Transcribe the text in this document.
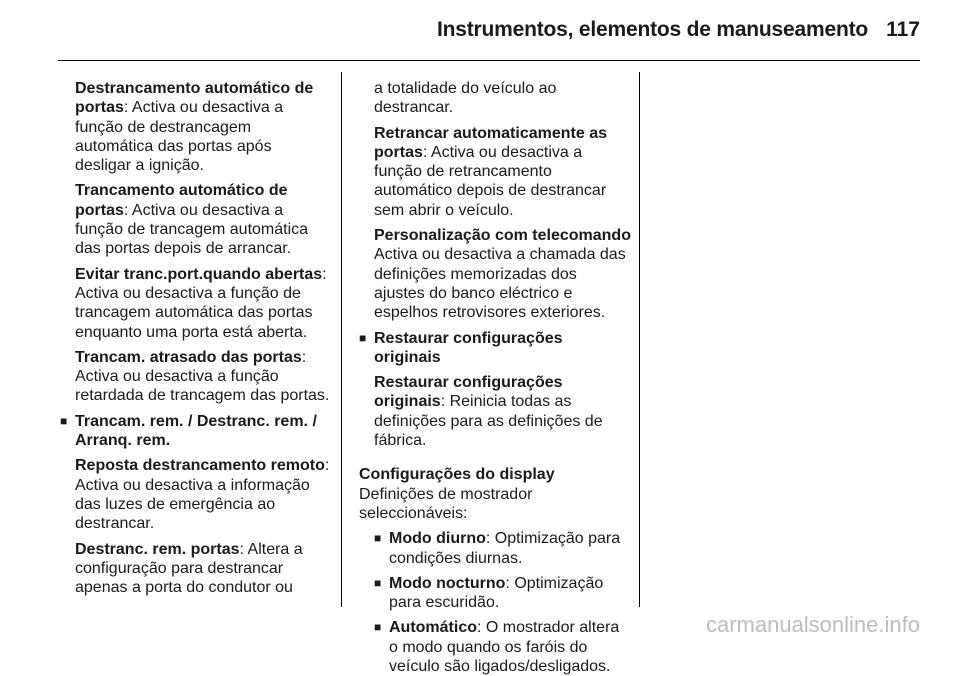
Instrumentos, elementos de manuseamento 117

Destrancamento automático de portas: Activa ou desactiva a função de destrancagem automática das portas após desligar a ignição.

Trancamento automático de portas: Activa ou desactiva a função de trancagem automática das portas depois de arrancar.

Evitar tranc.port.quando abertas: Activa ou desactiva a função de trancagem automática das portas enquanto uma porta está aberta.

Trancam. atrasado das portas: Activa ou desactiva a função retardada de trancagem das portas.

■ Trancam. rem. / Destranc. rem. / Arranq. rem.

Reposta destrancamento remoto: Activa ou desactiva a informação das luzes de emergência ao destrancar.

Destranc. rem. portas: Altera a configuração para destrancar apenas a porta do condutor ou

a totalidade do veículo ao destrancar.

Retrancar automaticamente as portas: Activa ou desactiva a função de retrancamento automático depois de destrancar sem abrir o veículo.

Personalização com telecomando
Activa ou desactiva a chamada das definições memorizadas dos ajustes do banco eléctrico e espelhos retrovisores exteriores.

■ Restaurar configurações originais

Restaurar configurações originais: Reinicia todas as definições para as definições de fábrica.

Configurações do display

Definições de mostrador seleccionáveis:

■ Modo diurno: Optimização para condições diurnas.

■ Modo nocturno: Optimização para escuridão.

■ Automático: O mostrador altera o modo quando os faróis do veículo são ligados/desligados.

carmanualsonline.info
